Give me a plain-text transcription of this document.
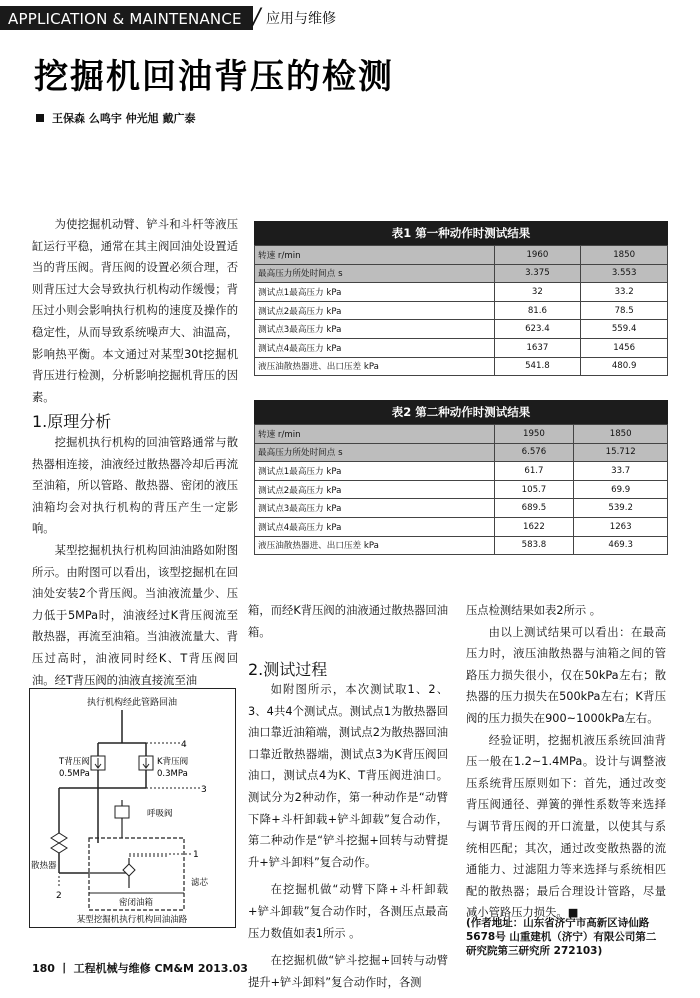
APPLICATION & MAINTENANCE / 应用与维修
挖掘机回油背压的检测
王保森 么鸣宇 仲光旭 戴广泰

为使挖掘机动臂、铲斗和斗杆等液压缸运行平稳，通常在其主阀回油处设置适当的背压阀。背压阀的设置必须合理，否则背压过大会导致执行机构动作缓慢；背压过小则会影响执行机构的速度及操作的稳定性，从而导致系统噪声大、油温高，影响热平衡。本文通过对某型30t挖掘机背压进行检测，分析影响挖掘机背压的因素。

1.原理分析

挖掘机执行机构的回油管路通常与散热器相连接，油液经过散热器冷却后再流至油箱，所以管路、散热器、密闭的液压油箱均会对执行机构的背压产生一定影响。

某型挖掘机执行机构回油油路如附图所示。由附图可以看出，该型挖掘机在回油处安装2个背压阀。当油液流量少、压力低于5MPa时，油液经过K背压阀流至散热器，再流至油箱。当油液流量大、背压过高时，油液同时经K、T背压阀回油。经T背压阀的油液直接流至油

执行机构经此管路回油
4
T背压阀
0.5MPa
K背压阀
0.3MPa
3
散热器
2
呼吸阀
1
滤芯
密闭油箱
某型挖掘机执行机构回油油路
表1 第一种动作时测试结果
转速 r/min	1960	1850
最高压力所处时间点 s	3.375	3.553
测试点1最高压力 kPa	32	33.2
测试点2最高压力 kPa	81.6	78.5
测试点3最高压力 kPa	623.4	559.4
测试点4最高压力 kPa	1637	1456
液压油散热器进、出口压差 kPa	541.8	480.9
表2 第二种动作时测试结果
转速 r/min	1950	1850
最高压力所处时间点 s	6.576	15.712
测试点1最高压力 kPa	61.7	33.7
测试点2最高压力 kPa	105.7	69.9
测试点3最高压力 kPa	689.5	539.2
测试点4最高压力 kPa	1622	1263
液压油散热器进、出口压差 kPa	583.8	469.3

箱，而经K背压阀的油液通过散热器回油箱。

2.测试过程

如附图所示，本次测试取1、2、3、4共4个测试点。测试点1为散热器回油口靠近油箱端，测试点2为散热器回油口靠近散热器端，测试点3为K背压阀回油口，测试点4为K、T背压阀进油口。测试分为2种动作，第一种动作是“动臂下降+斗杆卸载+铲斗卸载”复合动作，第二种动作是“铲斗挖掘+回转与动臂提升+铲斗卸料”复合动作。

在挖掘机做“动臂下降+斗杆卸载+铲斗卸载”复合动作时，各测压点最高压力数值如表1所示 。

在挖掘机做“铲斗挖掘+回转与动臂提升+铲斗卸料”复合动作时，各测

压点检测结果如表2所示 。

由以上测试结果可以看出：在最高压力时，液压油散热器与油箱之间的管路压力损失很小，仅在50kPa左右；散热器的压力损失在500kPa左右；K背压阀的压力损失在900~1000kPa左右。

经验证明，挖掘机液压系统回油背压一般在1.2~1.4MPa。设计与调整液压系统背压原则如下：首先，通过改变背压阀通径、弹簧的弹性系数等来选择与调节背压阀的开口流量，以使其与系统相匹配；其次，通过改变散热器的流通能力、过滤阻力等来选择与系统相匹配的散热器；最后合理设计管路，尽量减小管路压力损失。■

(作者地址：山东省济宁市高新区诗仙路5678号 山重建机（济宁）有限公司第二研究院第三研究所 272103)
180 丨 工程机械与维修 CM&M 2013.03
